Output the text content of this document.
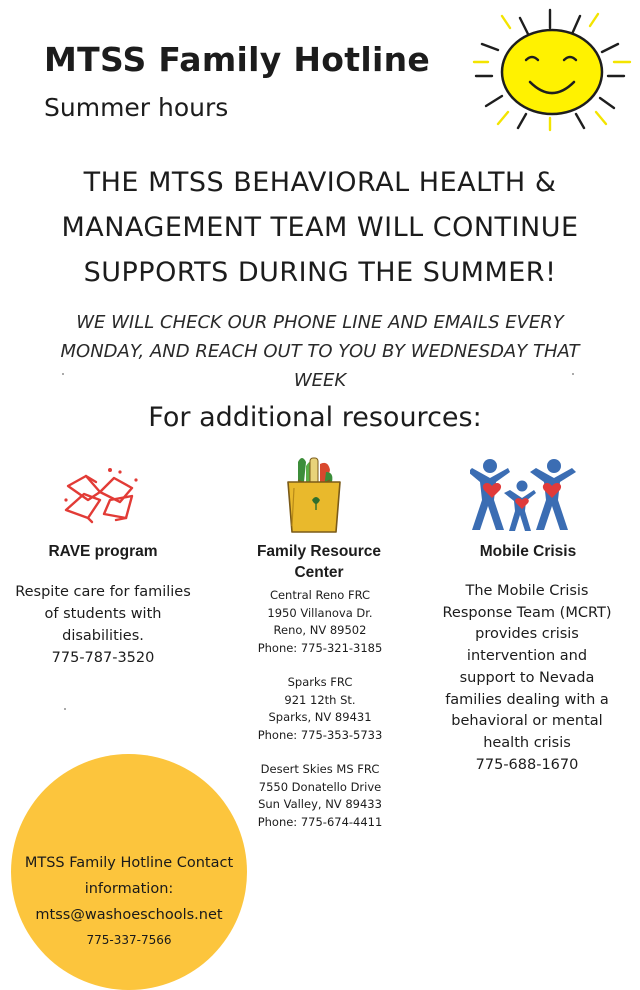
MTSS Family Hotline
Summer hours
THE MTSS BEHAVIORAL HEALTH &
MANAGEMENT TEAM WILL CONTINUE
SUPPORTS DURING THE SUMMER!
WE WILL CHECK OUR PHONE LINE AND EMAILS EVERY
MONDAY, AND REACH OUT TO YOU BY WEDNESDAY THAT
WEEK
For additional resources:
RAVE program
Respite care for families
of students with
disabilities.
775-787-3520
Family Resource Center
Central Reno FRC
1950 Villanova Dr.
Reno, NV 89502
Phone: 775-321-3185
Sparks FRC
921 12th St.
Sparks, NV 89431
Phone: 775-353-5733
Desert Skies MS FRC
7550 Donatello Drive
Sun Valley, NV 89433
Phone: 775-674-4411
Mobile Crisis
The Mobile Crisis
Response Team (MCRT)
provides crisis
intervention and
support to Nevada
families dealing with a
behavioral or mental
health crisis
775-688-1670
MTSS Family Hotline Contact
information:
mtss@washoeschools.net
775-337-7566
